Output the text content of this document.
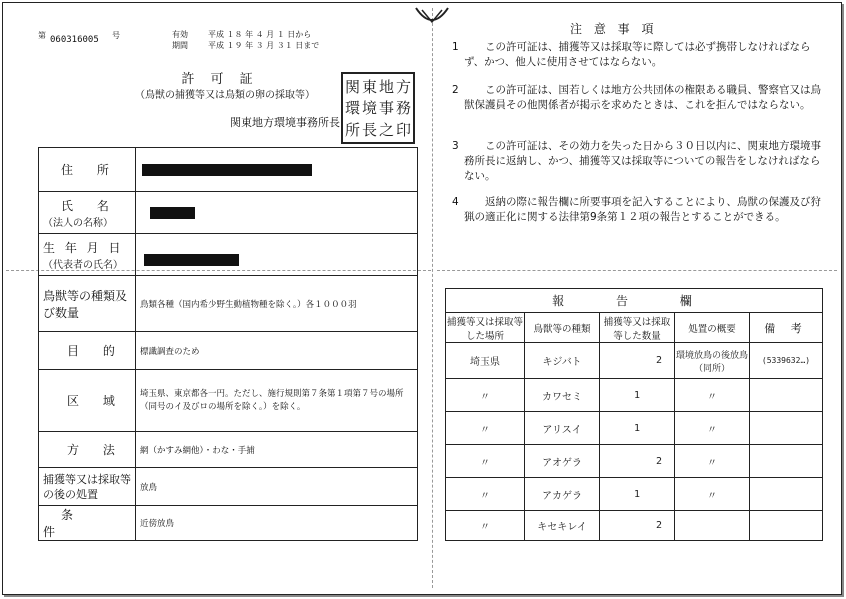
第 060316005 号	有効
期間
平成 １８ 年 ４ 月 １ 日から
平成 １９ 年 ３ 月 ３１ 日まで
許 可 証
（鳥獣の捕獲等又は鳥類の卵の採取等）
関東地方環境事務所長
関 東 地 方
環 境 事 務
所 長 之 印
住 所	

氏 名
（法人の名称）	

生 年 月 日
（代表者の氏名）	

鳥獣等の種類及び数量	鳥類各種（国内希少野生動植物種を除く。）各１０００羽
目 的	標識調査のため
区 域	埼玉県、東京都各一円。ただし、施行規則第７条第１項第７号の場所（同号のイ及びロの場所を除く。）を除く。
方 法	網（かすみ網他）・わな・手捕
捕獲等又は採取等の後の処置	放鳥
条 件	近傍放鳥
注 意 事 項
1	この許可証は、捕獲等又は採取等に際しては必ず携帯しなければならず、かつ、他人に使用させてはならない。
2	この許可証は、国若しくは地方公共団体の権限ある職員、警察官又は鳥獣保護員その他関係者が掲示を求めたときは、これを拒んではならない。
3	この許可証は、その効力を失った日から３０日以内に、関東地方環境事務所長に返納し、かつ、捕獲等又は採取等についての報告をしなければならない。
4	返納の際に報告欄に所要事項を記入することにより、鳥獣の保護及び狩猟の適正化に関する法律第9条第１２項の報告とすることができる。
報 告 欄				
捕獲等又は採取等した場所	鳥獣等の種類	捕獲等又は採取等した数量	処置の概要	備 考
埼玉県	キジバト	2	環境放鳥の後放鳥（同所）	(5339632…)
〃	カワセミ	1	〃	
〃	アリスイ	1	〃	
〃	アオゲラ	2	〃	
〃	アカゲラ	1	〃	
〃	キセキレイ	2		
